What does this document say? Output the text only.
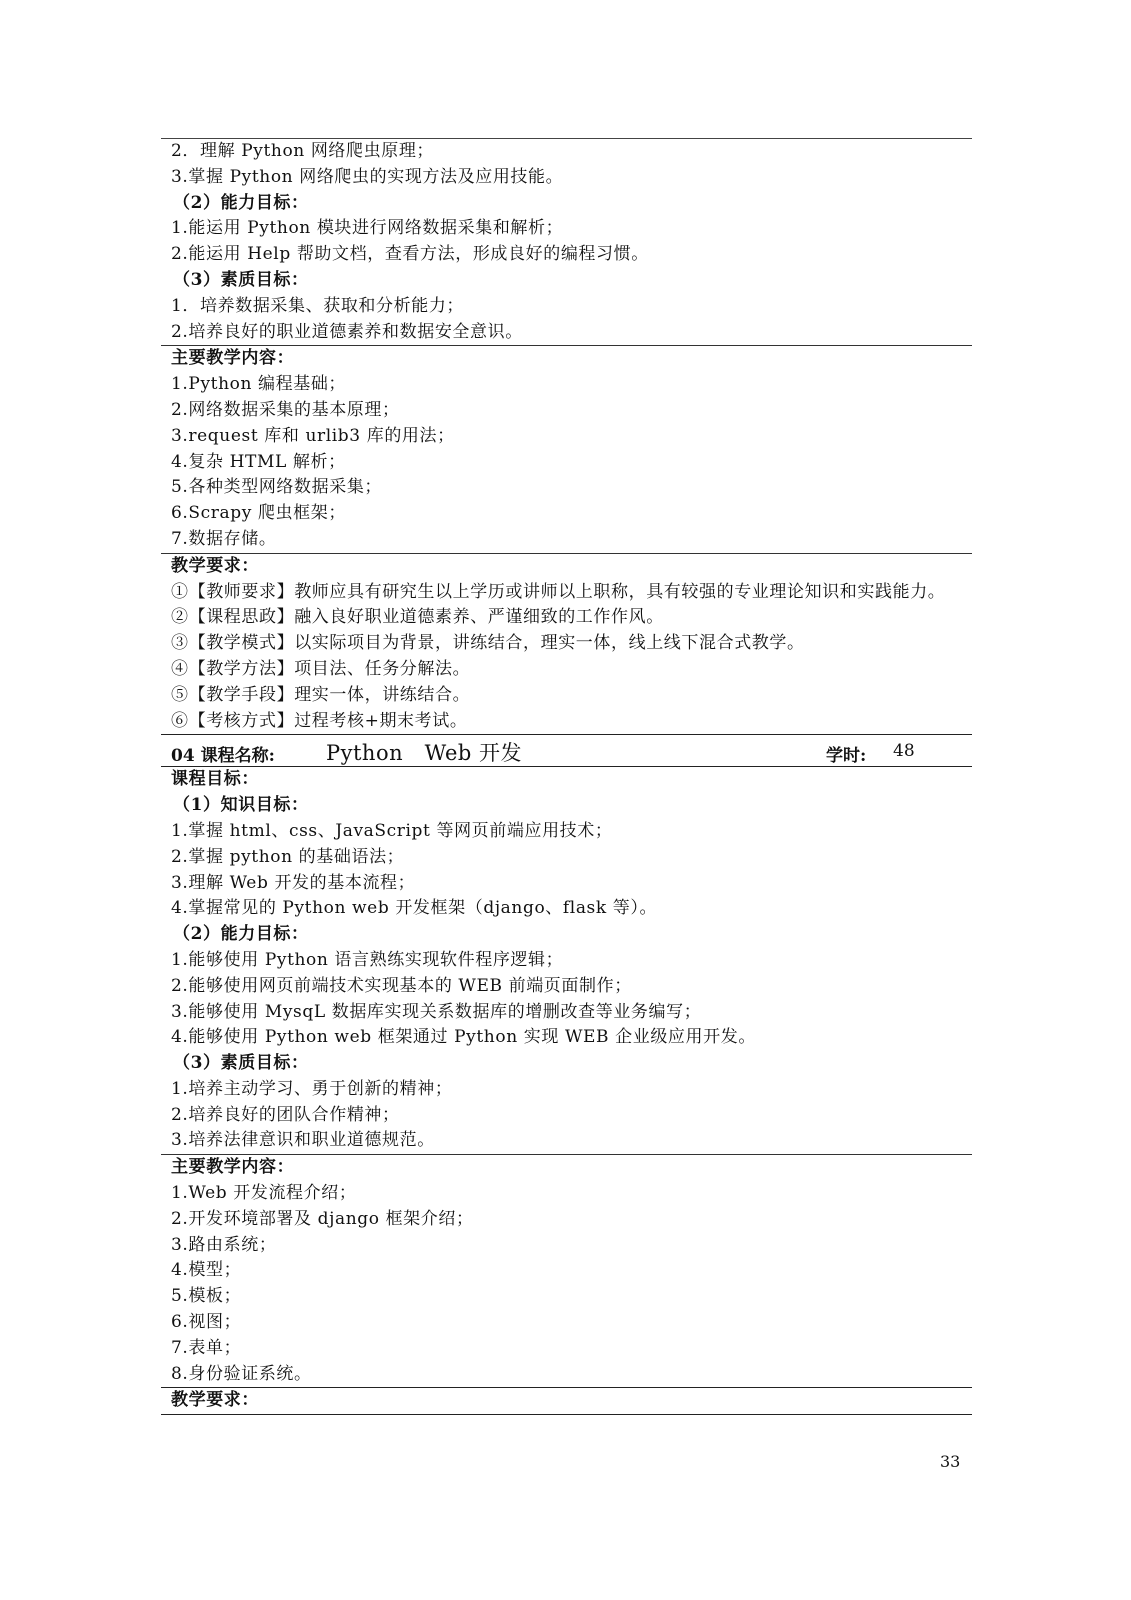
2．理解 Python 网络爬虫原理；
3.掌握 Python 网络爬虫的实现方法及应用技能。
（2）能力目标：
1.能运用 Python 模块进行网络数据采集和解析；
2.能运用 Help 帮助文档，查看方法，形成良好的编程习惯。
（3）素质目标：
1．培养数据采集、获取和分析能力；
2.培养良好的职业道德素养和数据安全意识。
主要教学内容：
1.Python 编程基础；
2.网络数据采集的基本原理；
3.request 库和 urlib3 库的用法；
4.复杂 HTML 解析；
5.各种类型网络数据采集；
6.Scrapy 爬虫框架；
7.数据存储。
教学要求：
①【教师要求】教师应具有研究生以上学历或讲师以上职称，具有较强的专业理论知识和实践能力。
②【课程思政】融入良好职业道德素养、严谨细致的工作作风。
③【教学模式】以实际项目为背景，讲练结合，理实一体，线上线下混合式教学。
④【教学方法】项目法、任务分解法。
⑤【教学手段】理实一体，讲练结合。
⑥【考核方式】过程考核+期末考试。
04 课程名称: Python　Web 开发	学时: 48
课程目标：
（1）知识目标：
1.掌握 html、css、JavaScript 等网页前端应用技术；
2.掌握 python 的基础语法；
3.理解 Web 开发的基本流程；
4.掌握常见的 Python web 开发框架（django、flask 等）。
（2）能力目标：
1.能够使用 Python 语言熟练实现软件程序逻辑；
2.能够使用网页前端技术实现基本的 WEB 前端页面制作；
3.能够使用 MysqL 数据库实现关系数据库的增删改查等业务编写；
4.能够使用 Python web 框架通过 Python 实现 WEB 企业级应用开发。
（3）素质目标：
1.培养主动学习、勇于创新的精神；
2.培养良好的团队合作精神；
3.培养法律意识和职业道德规范。
主要教学内容：
1.Web 开发流程介绍；
2.开发环境部署及 django 框架介绍；
3.路由系统；
4.模型；
5.模板；
6.视图；
7.表单；
8.身份验证系统。
教学要求：
33
